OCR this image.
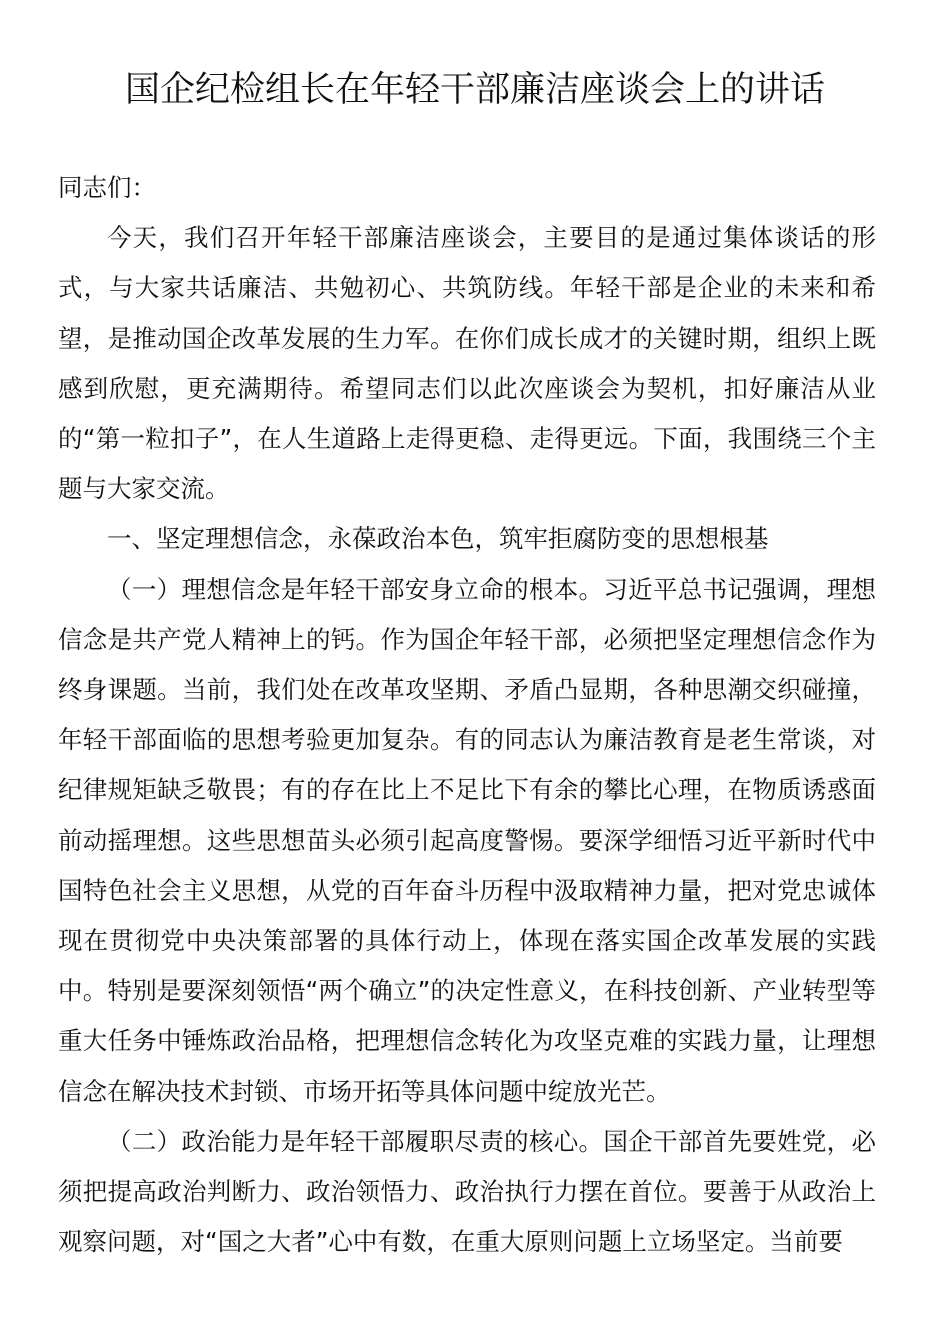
国企纪检组长在年轻干部廉洁座谈会上的讲话

同志们：

今天，我们召开年轻干部廉洁座谈会，主要目的是通过集体谈话的形式，与大家共话廉洁、共勉初心、共筑防线。年轻干部是企业的未来和希望，是推动国企改革发展的生力军。在你们成长成才的关键时期，组织上既感到欣慰，更充满期待。希望同志们以此次座谈会为契机，扣好廉洁从业的“第一粒扣子”，在人生道路上走得更稳、走得更远。下面，我围绕三个主题与大家交流。

一、坚定理想信念，永葆政治本色，筑牢拒腐防变的思想根基

（一）理想信念是年轻干部安身立命的根本。习近平总书记强调，理想信念是共产党人精神上的钙。作为国企年轻干部，必须把坚定理想信念作为终身课题。当前，我们处在改革攻坚期、矛盾凸显期，各种思潮交织碰撞，年轻干部面临的思想考验更加复杂。有的同志认为廉洁教育是老生常谈，对纪律规矩缺乏敬畏；有的存在比上不足比下有余的攀比心理，在物质诱惑面前动摇理想。这些思想苗头必须引起高度警惕。要深学细悟习近平新时代中国特色社会主义思想，从党的百年奋斗历程中汲取精神力量，把对党忠诚体现在贯彻党中央决策部署的具体行动上，体现在落实国企改革发展的实践中。特别是要深刻领悟“两个确立”的决定性意义，在科技创新、产业转型等重大任务中锤炼政治品格，把理想信念转化为攻坚克难的实践力量，让理想信念在解决技术封锁、市场开拓等具体问题中绽放光芒。

（二）政治能力是年轻干部履职尽责的核心。国企干部首先要姓党，必须把提高政治判断力、政治领悟力、政治执行力摆在首位。要善于从政治上观察问题，对“国之大者”心中有数，在重大原则问题上立场坚定。当前要
